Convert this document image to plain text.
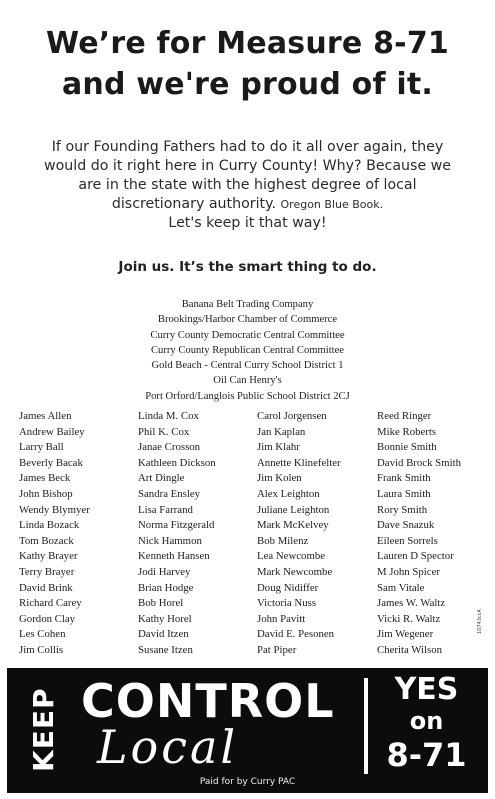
We’re for Measure 8-71
and we're proud of it.
If our Founding Fathers had to do it all over again, they
would do it right here in Curry County! Why? Because we
are in the state with the highest degree of local
discretionary authority. Oregon Blue Book.
Let's keep it that way!
Join us. It’s the smart thing to do.
Banana Belt Trading Company
Brookings/Harbor Chamber of Commerce
Curry County Democratic Central Committee
Curry County Republican Central Committee
Gold Beach - Central Curry School District 1
Oil Can Henry's
Port Orford/Langlois Public School District 2CJ
James Allen
Andrew Bailey
Larry Ball
Beverly Bacak
James Beck
John Bishop
Wendy Blymyer
Linda Bozack
Tom Bozack
Kathy Brayer
Terry Brayer
David Brink
Richard Carey
Gordon Clay
Les Cohen
Jim Collis
Linda M. Cox
Phil K. Cox
Janae Crosson
Kathleen Dickson
Art Dingle
Sandra Ensley
Lisa Farrand
Norma Fitzgerald
Nick Hammon
Kenneth Hansen
Jodi Harvey
Brian Hodge
Bob Horel
Kathy Horel
David Itzen
Susane Itzen
Carol Jorgensen
Jan Kaplan
Jim Klahr
Annette Klinefelter
Jim Kolen
Alex Leighton
Juliane Leighton
Mark McKelvey
Bob Milenz
Lea Newcombe
Mark Newcombe
Doug Nidiffer
Victoria Nuss
John Pavitt
David E. Pesonen
Pat Piper
Reed Ringer
Mike Roberts
Bonnie Smith
David Brock Smith
Frank Smith
Laura Smith
Rory Smith
Dave Snazuk
Eileen Sorrels
Lauren D Spector
M John Spicer
Sam Vitale
James W. Waltz
Vicki R. Waltz
Jim Wegener
Cherita Wilson
10743ccA
KEEP CONTROL
Local
YES
on
8-71
Paid for by Curry PAC
